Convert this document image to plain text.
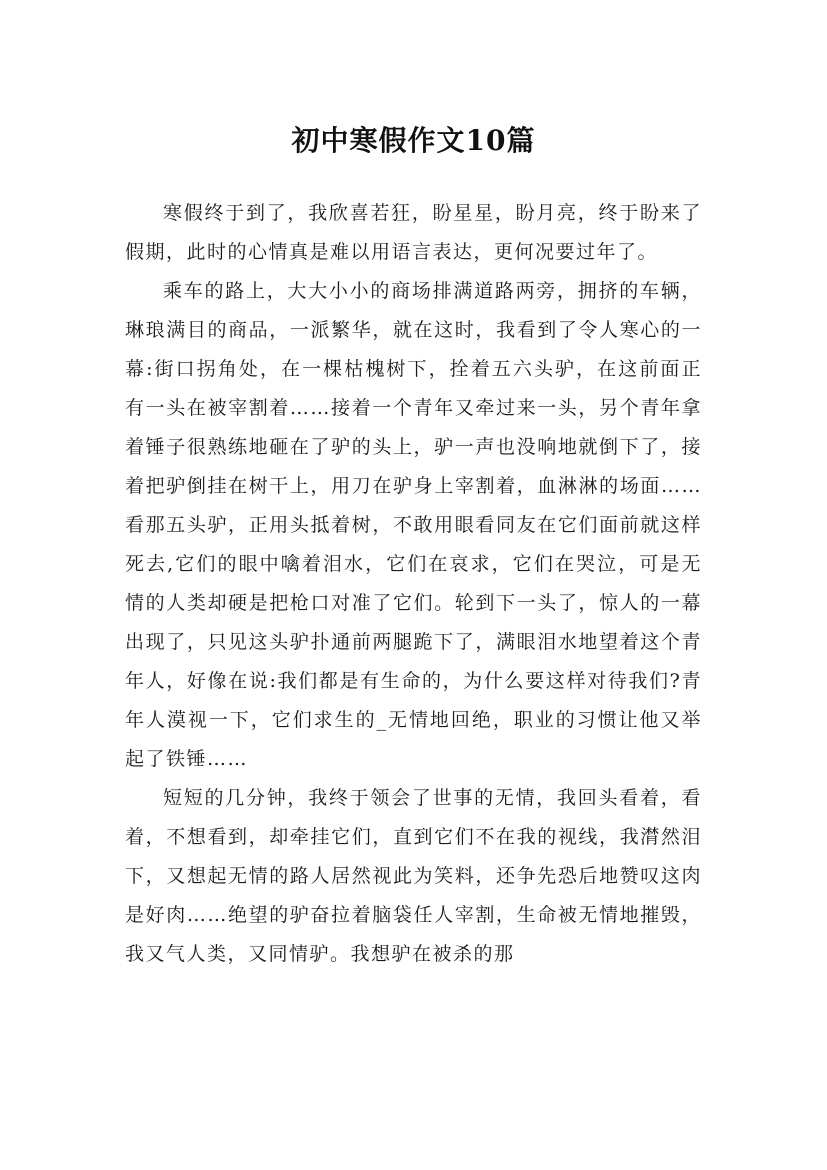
初中寒假作文10篇

寒假终于到了，我欣喜若狂，盼星星，盼月亮，终于盼来了假期，此时的心情真是难以用语言表达，更何况要过年了。

乘车的路上，大大小小的商场排满道路两旁，拥挤的车辆，琳琅满目的商品，一派繁华，就在这时，我看到了令人寒心的一幕:街口拐角处，在一棵枯槐树下，拴着五六头驴，在这前面正有一头在被宰割着……接着一个青年又牵过来一头，另个青年拿着锤子很熟练地砸在了驴的头上，驴一声也没响地就倒下了，接着把驴倒挂在树干上，用刀在驴身上宰割着，血淋淋的场面……看那五头驴，正用头抵着树，不敢用眼看同友在它们面前就这样死去,它们的眼中噙着泪水，它们在哀求，它们在哭泣，可是无情的人类却硬是把枪口对准了它们。轮到下一头了，惊人的一幕出现了，只见这头驴扑通前两腿跪下了，满眼泪水地望着这个青年人，好像在说:我们都是有生命的，为什么要这样对待我们?青年人漠视一下，它们求生的_无情地回绝，职业的习惯让他又举起了铁锤……

短短的几分钟，我终于领会了世事的无情，我回头看着，看着，不想看到，却牵挂它们，直到它们不在我的视线，我潸然泪下，又想起无情的路人居然视此为笑料，还争先恐后地赞叹这肉是好肉……绝望的驴奋拉着脑袋任人宰割，生命被无情地摧毁，我又气人类，又同情驴。我想驴在被杀的那
